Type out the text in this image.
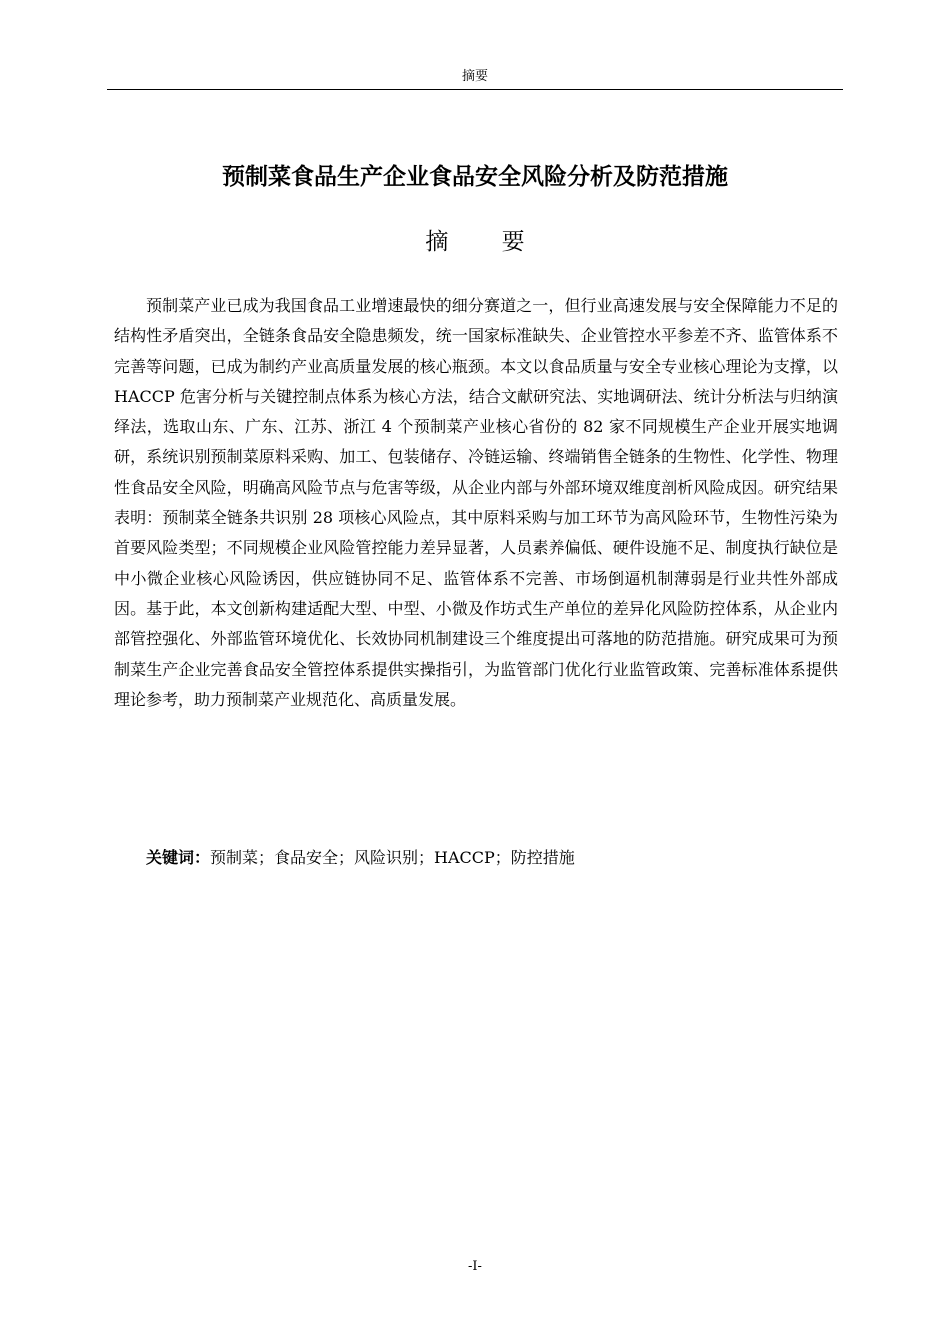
摘要
预制菜食品生产企业食品安全风险分析及防范措施
摘 要

预制菜产业已成为我国食品工业增速最快的细分赛道之一，但行业高速发展与安全保障能力不足的结构性矛盾突出，全链条食品安全隐患频发，统一国家标准缺失、企业管控水平参差不齐、监管体系不完善等问题，已成为制约产业高质量发展的核心瓶颈。本文以食品质量与安全专业核心理论为支撑，以 HACCP 危害分析与关键控制点体系为核心方法，结合文献研究法、实地调研法、统计分析法与归纳演绎法，选取山东、广东、江苏、浙江 4 个预制菜产业核心省份的 82 家不同规模生产企业开展实地调研，系统识别预制菜原料采购、加工、包装储存、冷链运输、终端销售全链条的生物性、化学性、物理性食品安全风险，明确高风险节点与危害等级，从企业内部与外部环境双维度剖析风险成因。研究结果表明：预制菜全链条共识别 28 项核心风险点，其中原料采购与加工环节为高风险环节，生物性污染为首要风险类型；不同规模企业风险管控能力差异显著，人员素养偏低、硬件设施不足、制度执行缺位是中小微企业核心风险诱因，供应链协同不足、监管体系不完善、市场倒逼机制薄弱是行业共性外部成因。基于此，本文创新构建适配大型、中型、小微及作坊式生产单位的差异化风险防控体系，从企业内部管控强化、外部监管环境优化、长效协同机制建设三个维度提出可落地的防范措施。研究成果可为预制菜生产企业完善食品安全管控体系提供实操指引，为监管部门优化行业监管政策、完善标准体系提供理论参考，助力预制菜产业规范化、高质量发展。

关键词：预制菜；食品安全；风险识别；HACCP；防控措施

-I-
